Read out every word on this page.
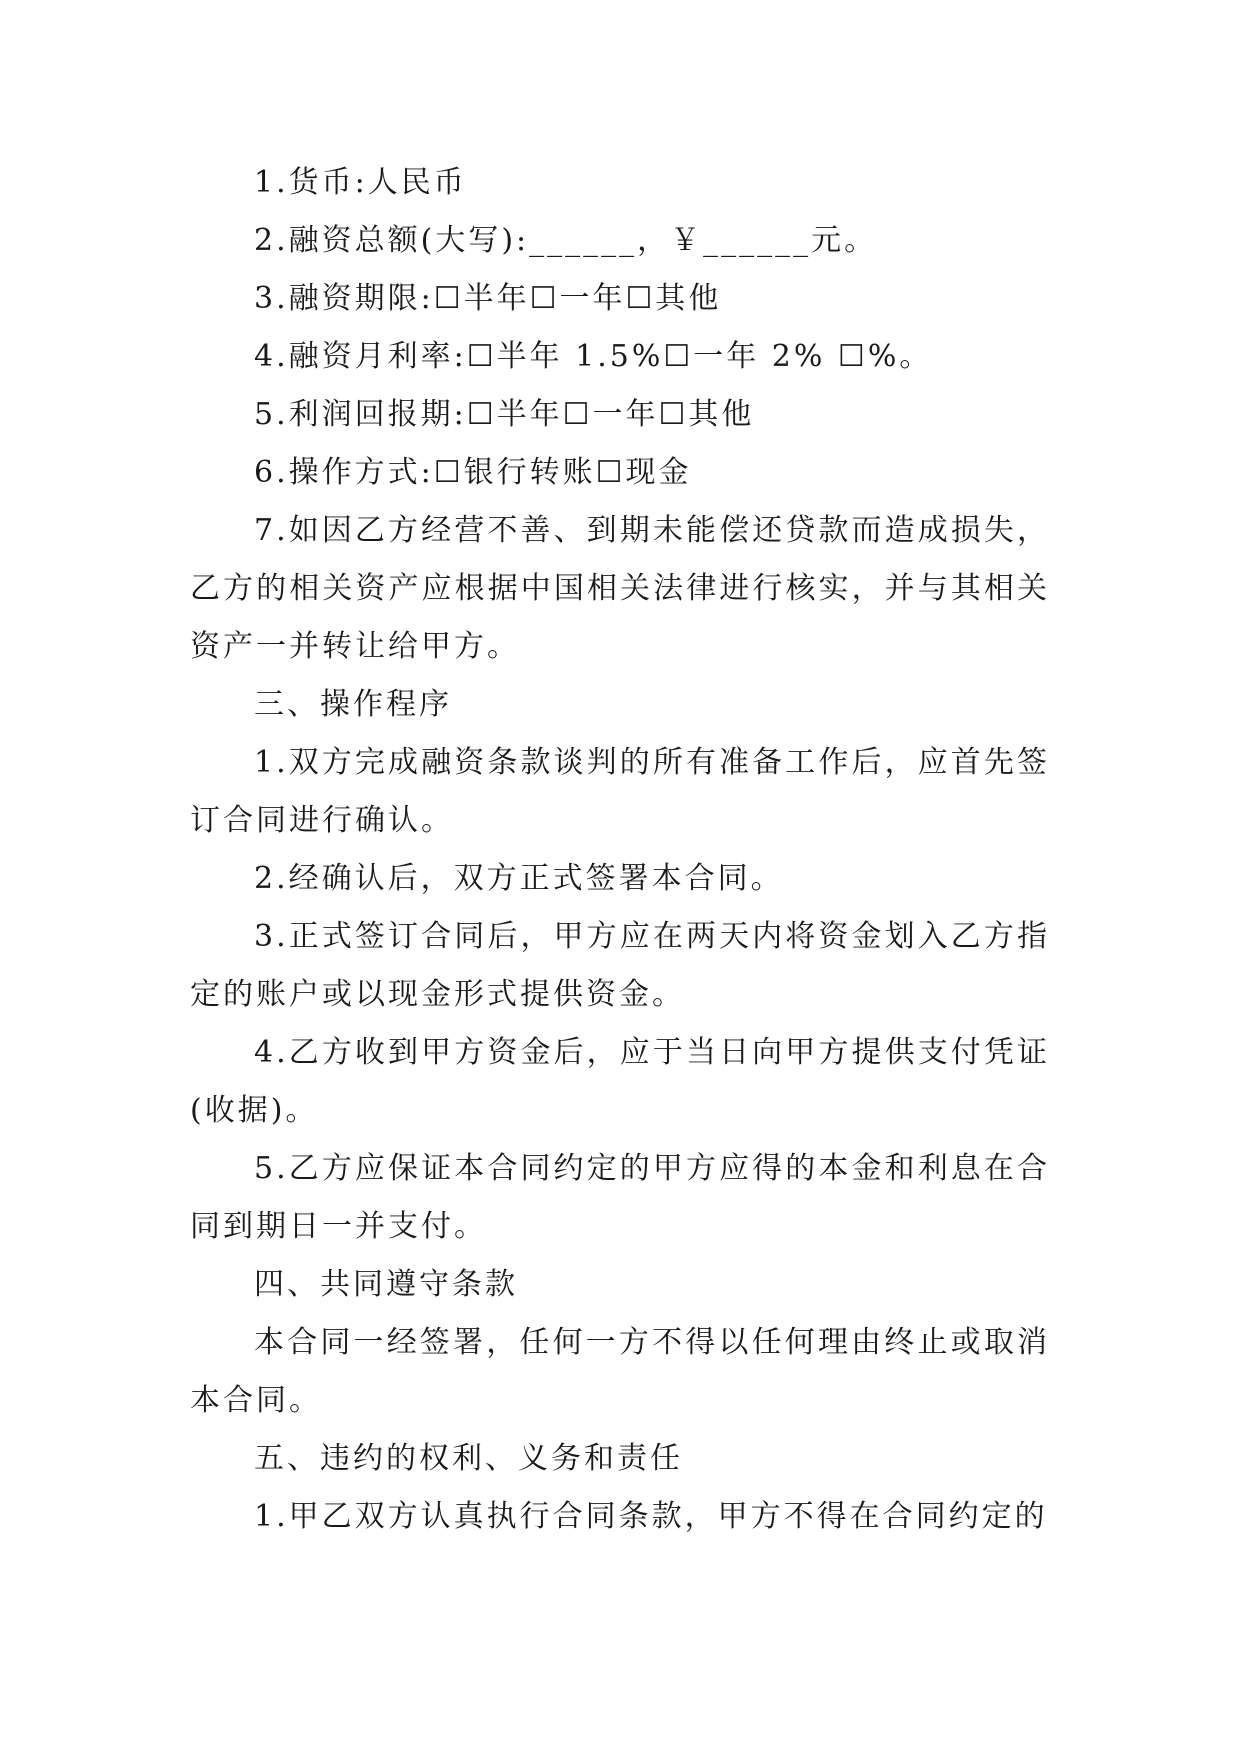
1.货币:人民币

2.融资总额(大写):______，￥______元。

3.融资期限:☐半年☐一年☐其他

4.融资月利率:☐半年 1.5%☐一年 2% ☐%。

5.利润回报期:☐半年☐一年☐其他

6.操作方式:☐银行转账☐现金

7.如因乙方经营不善、到期未能偿还贷款而造成损失，乙方的相关资产应根据中国相关法律进行核实，并与其相关资产一并转让给甲方。

三、操作程序

1.双方完成融资条款谈判的所有准备工作后，应首先签订合同进行确认。

2.经确认后，双方正式签署本合同。

3.正式签订合同后，甲方应在两天内将资金划入乙方指定的账户或以现金形式提供资金。

4.乙方收到甲方资金后，应于当日向甲方提供支付凭证(收据)。

5.乙方应保证本合同约定的甲方应得的本金和利息在合同到期日一并支付。

四、共同遵守条款

本合同一经签署，任何一方不得以任何理由终止或取消本合同。

五、违约的权利、义务和责任

1.甲乙双方认真执行合同条款，甲方不得在合同约定的
